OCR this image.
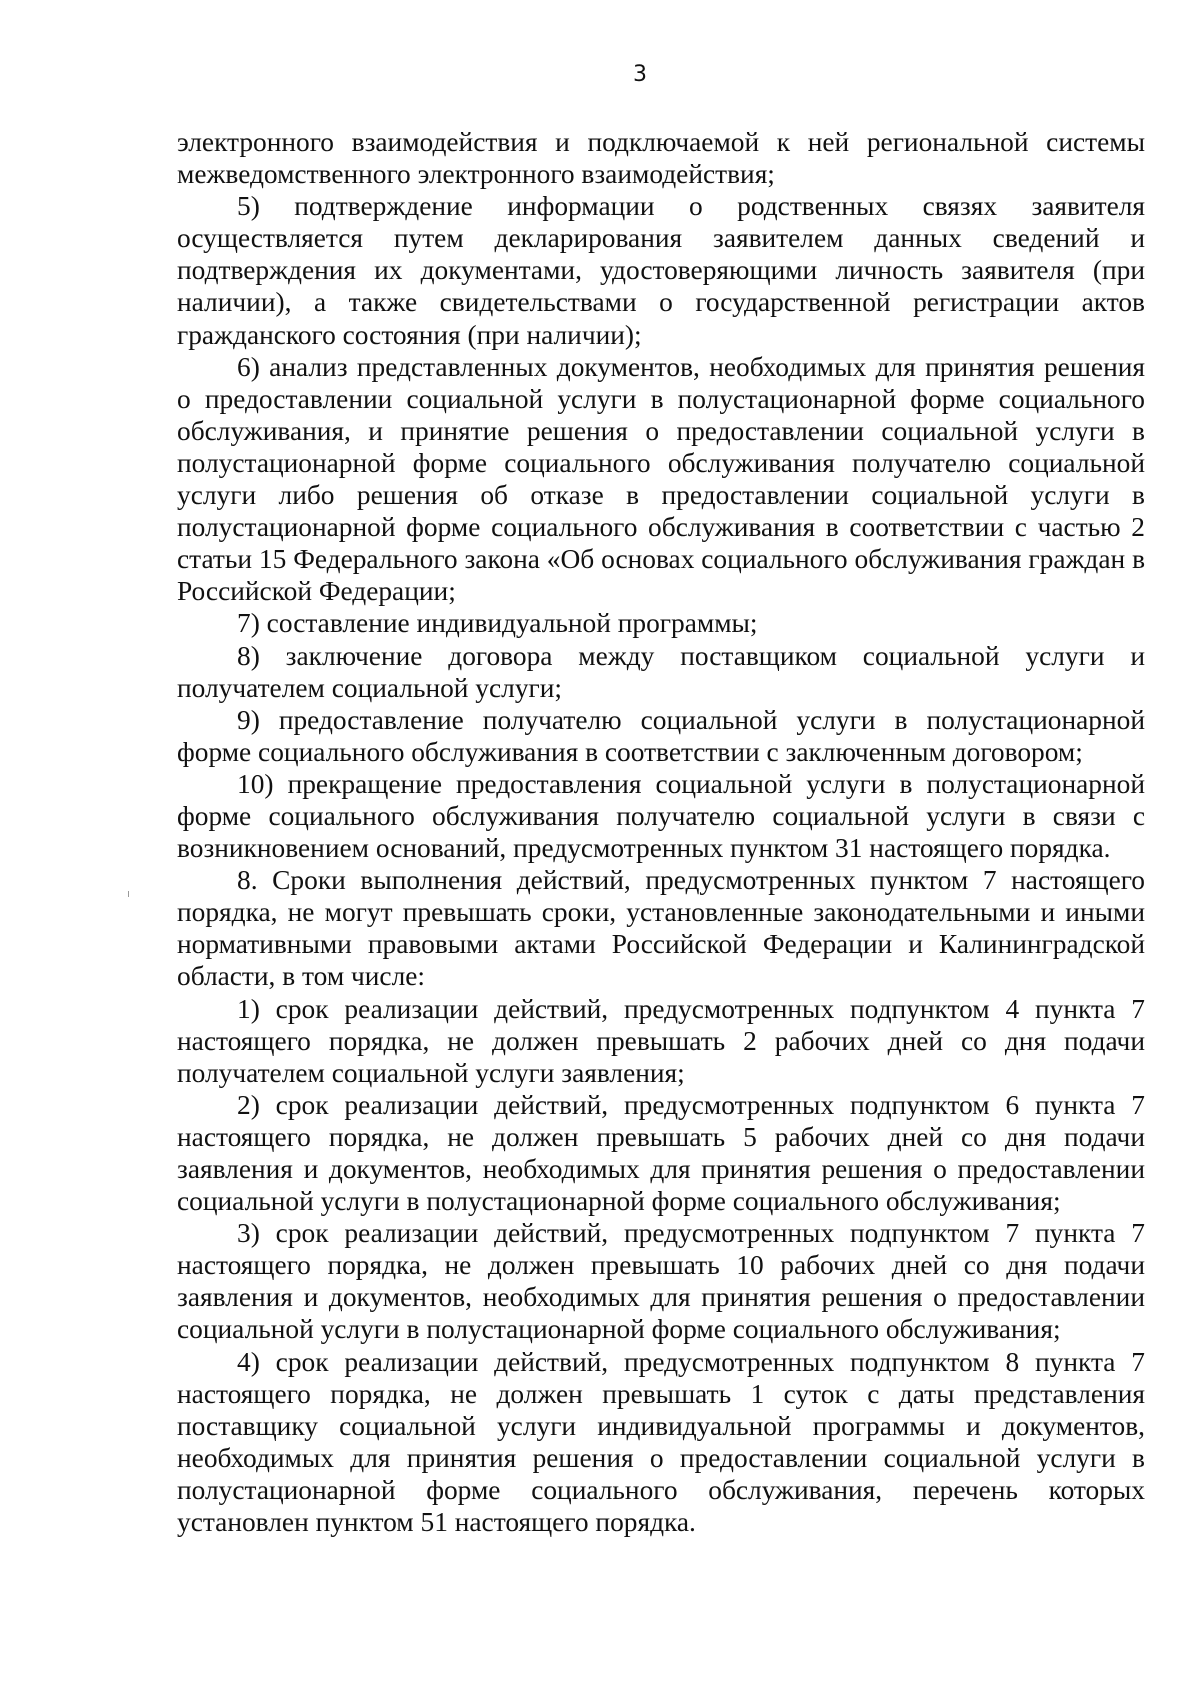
3

электронного взаимодействия и подключаемой к ней региональной системы межведомственного электронного взаимодействия;

5) подтверждение информации о родственных связях заявителя осуществляется путем декларирования заявителем данных сведений и подтверждения их документами, удостоверяющими личность заявителя (при наличии), а также свидетельствами о государственной регистрации актов гражданского состояния (при наличии);

6) анализ представленных документов, необходимых для принятия решения о предоставлении социальной услуги в полустационарной форме социального обслуживания, и принятие решения о предоставлении социальной услуги в полустационарной форме социального обслуживания получателю социальной услуги либо решения об отказе в предоставлении социальной услуги в полустационарной форме социального обслуживания в соответствии с частью 2 статьи 15 Федерального закона «Об основах социального обслуживания граждан в Российской Федерации;

7) составление индивидуальной программы;

8) заключение договора между поставщиком социальной услуги и получателем социальной услуги;

9) предоставление получателю социальной услуги в полустационарной форме социального обслуживания в соответствии с заключенным договором;

10) прекращение предоставления социальной услуги в полустационарной форме социального обслуживания получателю социальной услуги в связи с возникновением оснований, предусмотренных пунктом 31 настоящего порядка.

8. Сроки выполнения действий, предусмотренных пунктом 7 настоящего порядка, не могут превышать сроки, установленные законодательными и иными нормативными правовыми актами Российской Федерации и Калининградской области, в том числе:

1) срок реализации действий, предусмотренных подпунктом 4 пункта 7 настоящего порядка, не должен превышать 2 рабочих дней со дня подачи получателем социальной услуги заявления;

2) срок реализации действий, предусмотренных подпунктом 6 пункта 7 настоящего порядка, не должен превышать 5 рабочих дней со дня подачи заявления и документов, необходимых для принятия решения о предоставлении социальной услуги в полустационарной форме социального обслуживания;

3) срок реализации действий, предусмотренных подпунктом 7 пункта 7 настоящего порядка, не должен превышать 10 рабочих дней со дня подачи заявления и документов, необходимых для принятия решения о предоставлении социальной услуги в полустационарной форме социального обслуживания;

4) срок реализации действий, предусмотренных подпунктом 8 пункта 7 настоящего порядка, не должен превышать 1 суток с даты представления поставщику социальной услуги индивидуальной программы и документов, необходимых для принятия решения о предоставлении социальной услуги в полустационарной форме социального обслуживания, перечень которых установлен пунктом 51 настоящего порядка.
